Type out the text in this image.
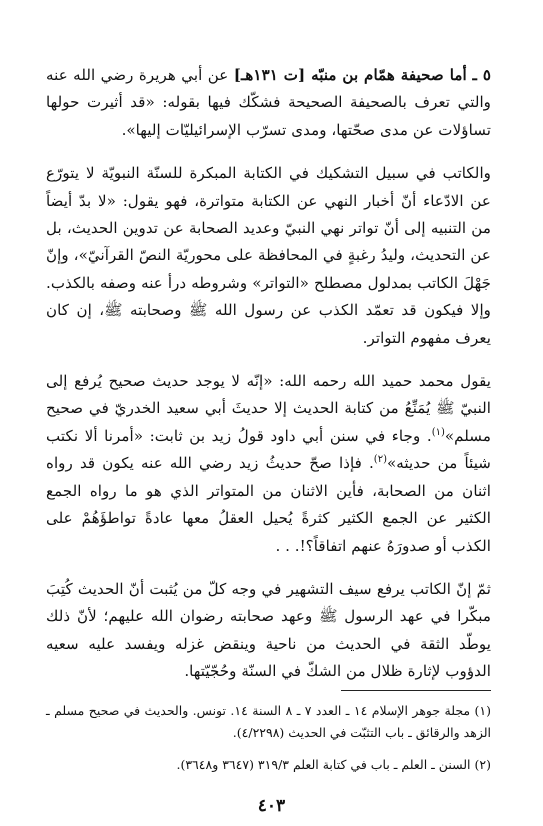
٥ ـ أما صحيفة همّام بن منبّه [ت ١٣١هـ] عن أبي هريرة رضي الله عنه والتي تعرف بالصحيفة الصحيحة فشكّك فيها بقوله: «قد أثيرت حولها تساؤلات عن مدى صحّتها، ومدى تسرّب الإسرائيليّات إليها».

والكاتب في سبيل التشكيك في الكتابة المبكرة للسنّة النبويّة لا يتورّع عن الادّعاء أنّ أخبار النهي عن الكتابة متواترة، فهو يقول: «لا بدّ أيضاً من التنبيه إلى أنّ تواتر نهي النبيّ وعديد الصحابة عن تدوين الحديث، بل عن التحديث، وليدُ رغبةٍ في المحافظة على محوريّة النصّ القرآنيّ»، وإنّ جَهْلَ الكاتب بمدلول مصطلح «التواتر» وشروطه درأ عنه وصفه بالكذب. وإلا فيكون قد تعمّد الكذب عن رسول الله ﷺ وصحابته ﷺ، إن كان يعرف مفهوم التواتر.

يقول محمد حميد الله رحمه الله: «إنّه لا يوجد حديث صحيح يُرفع إلى النبيّ ﷺ يُمَنِّعُ من كتابة الحديث إلا حديثَ أبي سعيد الخدريّ في صحيح مسلم»$^{(١)}$. وجاء في سنن أبي داود قولُ زيد بن ثابت: «أمرنا ألا نكتب شيئاً من حديثه»$^{(٢)}$. فإذا صحّ حديثُ زيد رضي الله عنه يكون قد رواه اثنان من الصحابة، فأين الاثنان من المتواتر الذي هو ما رواه الجمع الكثير عن الجمع الكثير كثرةً يُحيل العقلُ معها عادةً تواطؤَهُمْ على الكذب أو صدورَهُ عنهم اتفاقاً؟!. . .

ثمّ إنّ الكاتب يرفع سيف التشهير في وجه كلّ من يُثبت أنّ الحديث كُتِبَ مبكّرا في عهد الرسول ﷺ وعهد صحابته رضوان الله عليهم؛ لأنّ ذلك يوطّد الثقة في الحديث من ناحية وينقض غزله ويفسد عليه سعيه الدؤوب لإثارة ظلال من الشكّ في السنّة وحُجّيّتها.

(١) مجلة جوهر الإسلام ١٤ ـ العدد ٧ ـ ٨ السنة ١٤. تونس. والحديث في صحيح مسلم ـ الزهد والرقائق ـ باب التثبّت في الحديث (٤/٢٢٩٨).

(٢) السنن ـ العلم ـ باب في كتابة العلم ٣١٩/٣ (٣٦٤٧ و٣٦٤٨).

٤٠٣
